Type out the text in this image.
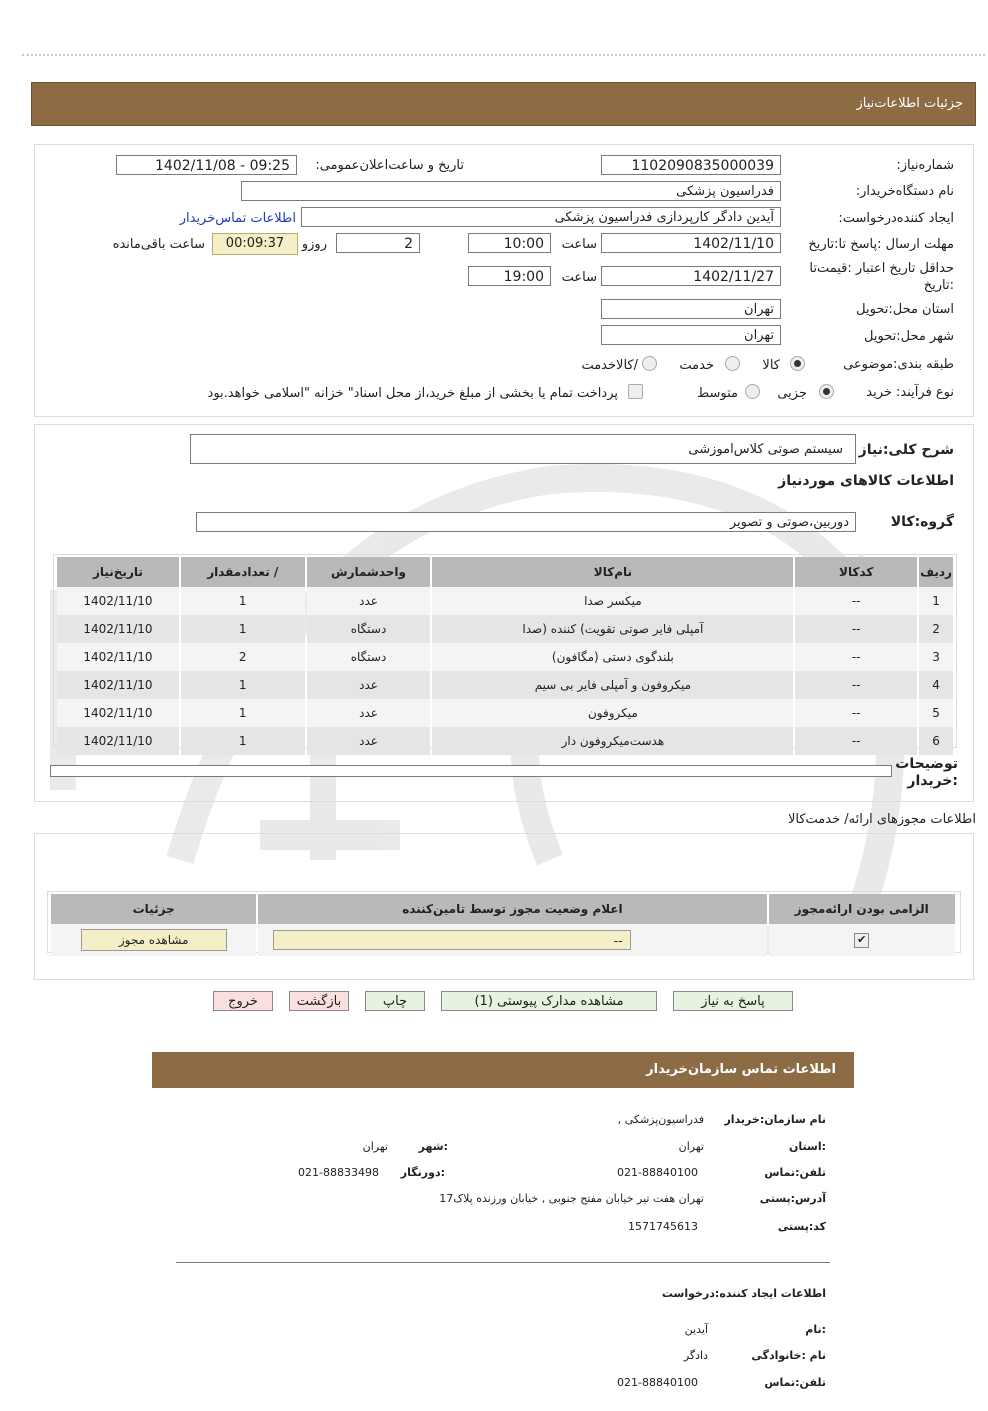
جزئیات اطلاعات‌نیاز
شماره‌نیاز:
1102090835000039
تاریخ و ساعت‌اعلان‌عمومی:
1402/11/08 - 09:25
نام دستگاه‌خریدار:
فدراسیون پزشکی
ایجاد کننده‌درخواست:
آیدین دادگر کارپردازی فدراسیون پزشکی
اطلاعات تماس‌خریدار
مهلت ارسال :پاسخ تا:تاریخ
1402/11/10
ساعت
10:00
2
روزو
00:09:37
ساعت باقی‌مانده
حداقل تاریخ اعتبار :قیمت‌تا :تاریخ
1402/11/27
ساعت
19:00
استان محل:تحویل
تهران
شهر محل:تحویل
تهران
طبقه بندی:موضوعی
کالا
خدمت
/کالاخدمت
نوع فرآیند: خرید
جزیی
متوسط
پرداخت تمام یا بخشی از مبلغ خرید،از محل اسناد" خزانه "اسلامی خواهد.بود
شرح کلی:نیاز
سیستم صوتی کلاس‌اموزشی
اطلاعات کالاهای موردنیاز
گروه:کالا
دوربین،صوتی و تصویر
ردیف	کدکالا	نام‌کالا	واحدشمارش	/ تعدادمقدار	تاریخ‌نیاز
1	--	میکسر صدا	عدد	1	1402/11/10
2	--	آمپلی فایر صوتی تقویت) کننده (صدا	دستگاه	1	1402/11/10
3	--	بلندگوی دستی (مگافون)	دستگاه	2	1402/11/10
4	--	میکروفون و آمپلی فایر بی سیم	عدد	1	1402/11/10
5	--	میکروفون	عدد	1	1402/11/10
6	--	هدست‌میکروفون دار	عدد	1	1402/11/10
توضیحات :خریدار
اطلاعات مجوزهای ارائه/ خدمت‌کالا
الزامی بودن ارائه‌مجوز	اعلام وضعیت مجوز توسط تامین‌کننده	جزئیات
✔	--	مشاهده مجوز
پاسخ به نیاز
مشاهده مدارک پیوستی (1)
چاپ
بازگشت
خروج
اطلاعات تماس سازمان‌خریدار
نام سازمان:خریدار
فدراسیون‌پزشکی ,
:استان
تهران
:شهر
تهران
تلفن:تماس
021-88840100
:دورنگار
021-88833498
آدرس:پستی
تهران هفت تیر خیابان مفتح جنوبی , خیابان ورزنده پلاک17
کد:پستی
1571745613
اطلاعات ایجاد کننده:درخواست
:نام
آیدین
نام :خانوادگی
دادگر
تلفن:تماس
021-88840100
